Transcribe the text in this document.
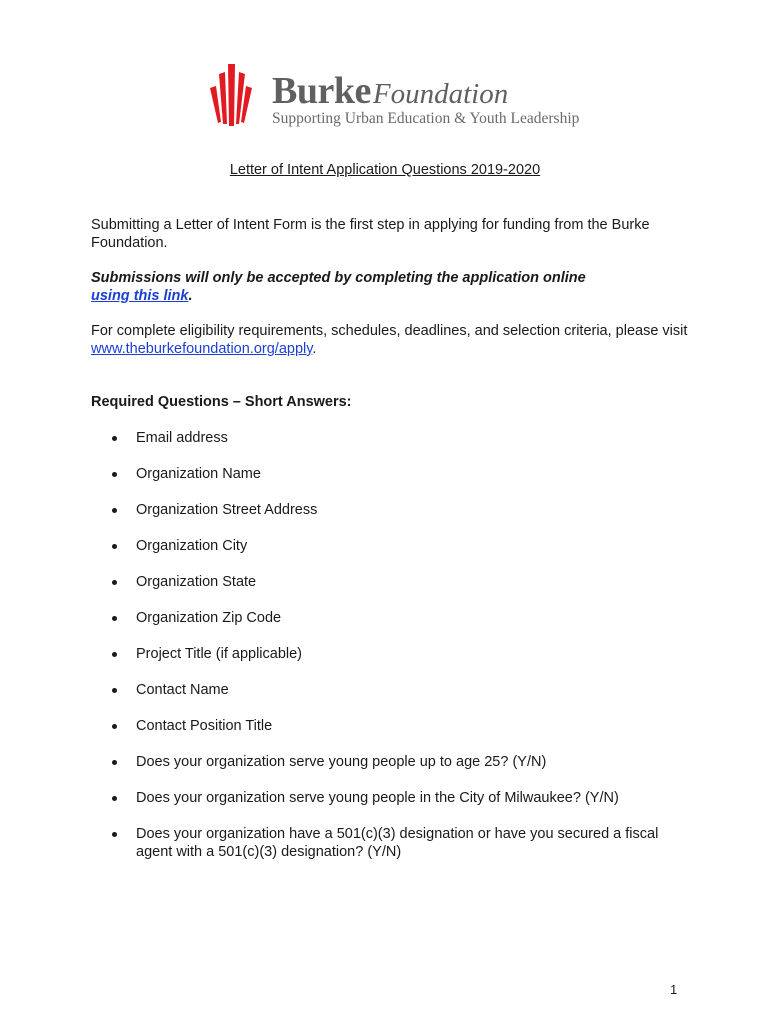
BurkeFoundation
Supporting Urban Education & Youth Leadership
Letter of Intent Application Questions 2019-2020

Submitting a Letter of Intent Form is the first step in applying for funding from the Burke Foundation.

Submissions will only be accepted by completing the application online
using this link.

For complete eligibility requirements, schedules, deadlines, and selection criteria, please visit www.theburkefoundation.org/apply.

Required Questions – Short Answers:
Email address
Organization Name
Organization Street Address
Organization City
Organization State
Organization Zip Code
Project Title (if applicable)
Contact Name
Contact Position Title
Does your organization serve young people up to age 25? (Y/N)
Does your organization serve young people in the City of Milwaukee? (Y/N)
Does your organization have a 501(c)(3) designation or have you secured a fiscal agent with a 501(c)(3) designation? (Y/N)
1
